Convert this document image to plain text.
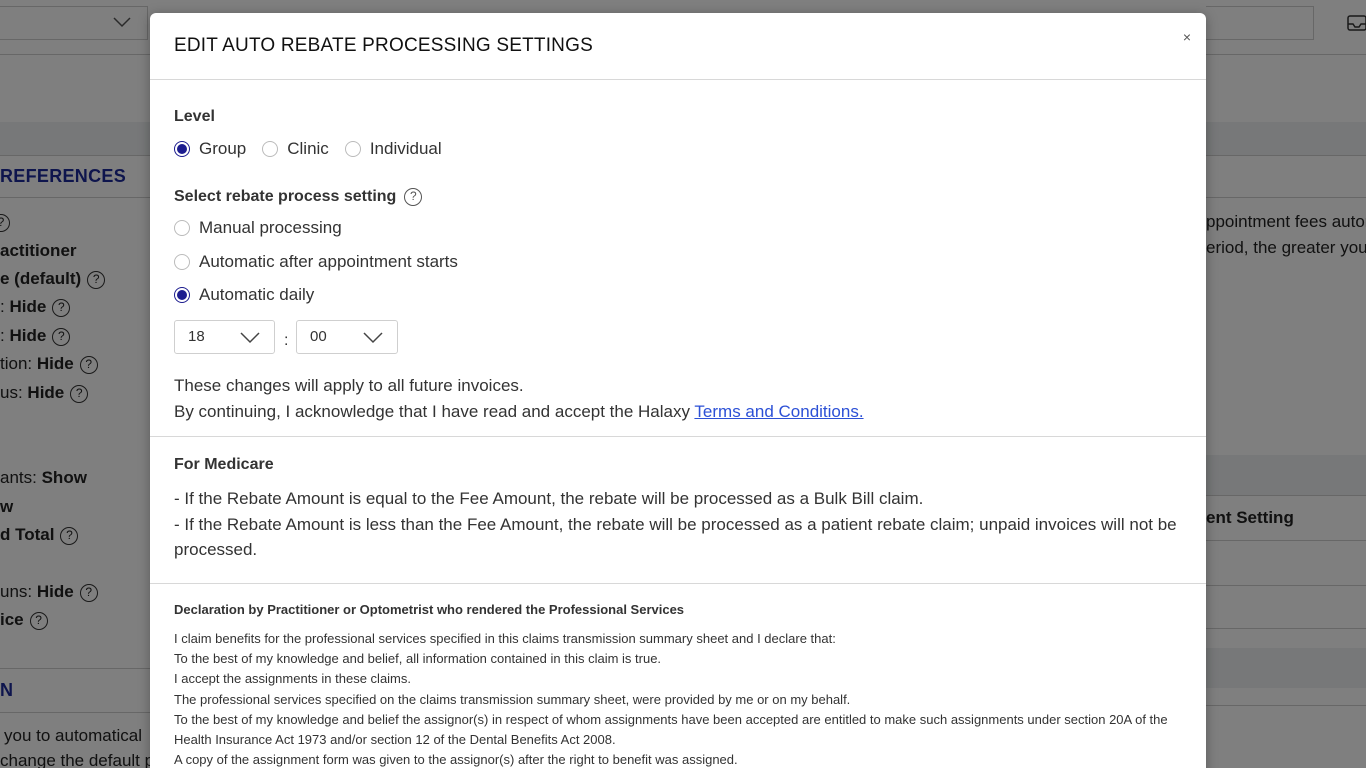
EDIT AUTO REBATE PROCESSING SETTINGS	×
Level
Group Clinic Individual
Select rebate process setting ?
Manual processing
Automatic after appointment starts
Automatic daily
18	:	00
These changes will apply to all future invoices.
By continuing, I acknowledge that I have read and accept the Halaxy Terms and Conditions.
For Medicare
- If the Rebate Amount is equal to the Fee Amount, the rebate will be processed as a Bulk Bill claim.
- If the Rebate Amount is less than the Fee Amount, the rebate will be processed as a patient rebate claim; unpaid invoices will not be processed.
Declaration by Practitioner or Optometrist who rendered the Professional Services
I claim benefits for the professional services specified in this claims transmission summary sheet and I declare that:
To the best of my knowledge and belief, all information contained in this claim is true.
I accept the assignments in these claims.
The professional services specified on the claims transmission summary sheet, were provided by me or on my behalf.
To the best of my knowledge and belief the assignor(s) in respect of whom assignments have been accepted are entitled to make such assignments under section 20A of the Health Insurance Act 1973 and/or section 12 of the Dental Benefits Act 2008.
A copy of the assignment form was given to the assignor(s) after the right to benefit was assigned.
